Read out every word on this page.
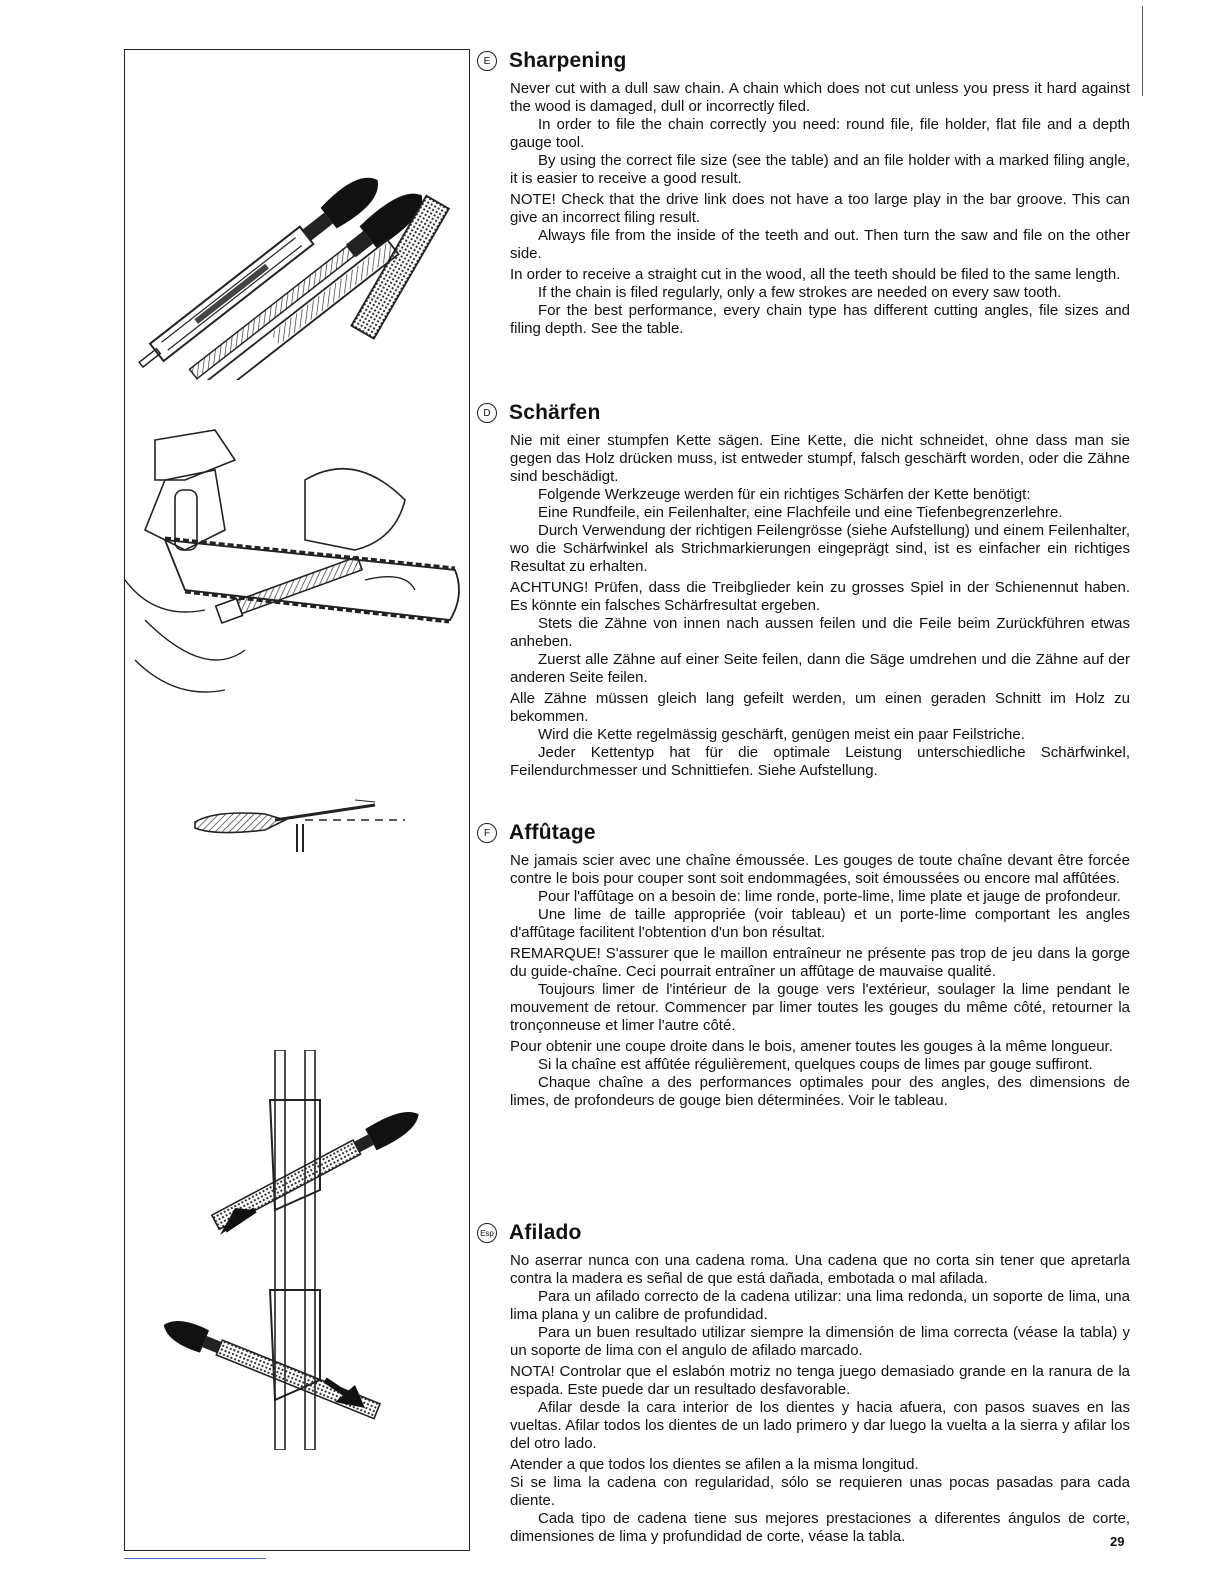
E Sharpening

Never cut with a dull saw chain. A chain which does not cut unless you press it hard against the wood is damaged, dull or incorrectly filed.

In order to file the chain correctly you need: round file, file holder, flat file and a depth gauge tool.

By using the correct file size (see the table) and an file holder with a marked filing angle, it is easier to receive a good result.

NOTE! Check that the drive link does not have a too large play in the bar groove. This can give an incorrect filing result.

Always file from the inside of the teeth and out. Then turn the saw and file on the other side.

In order to receive a straight cut in the wood, all the teeth should be filed to the same length.

If the chain is filed regularly, only a few strokes are needed on every saw tooth.

For the best performance, every chain type has different cutting angles, file sizes and filing depth. See the table.

D Schärfen

Nie mit einer stumpfen Kette sägen. Eine Kette, die nicht schneidet, ohne dass man sie gegen das Holz drücken muss, ist entweder stumpf, falsch geschärft worden, oder die Zähne sind beschädigt.

Folgende Werkzeuge werden für ein richtiges Schärfen der Kette benötigt:

Eine Rundfeile, ein Feilenhalter, eine Flachfeile und eine Tiefenbegrenzerlehre.

Durch Verwendung der richtigen Feilengrösse (siehe Aufstellung) und einem Feilenhalter, wo die Schärfwinkel als Strichmarkierungen eingeprägt sind, ist es einfacher ein richtiges Resultat zu erhalten.

ACHTUNG! Prüfen, dass die Treibglieder kein zu grosses Spiel in der Schienennut haben. Es könnte ein falsches Schärfresultat ergeben.

Stets die Zähne von innen nach aussen feilen und die Feile beim Zurückführen etwas anheben.

Zuerst alle Zähne auf einer Seite feilen, dann die Säge umdrehen und die Zähne auf der anderen Seite feilen.

Alle Zähne müssen gleich lang gefeilt werden, um einen geraden Schnitt im Holz zu bekommen.

Wird die Kette regelmässig geschärft, genügen meist ein paar Feilstriche.

Jeder Kettentyp hat für die optimale Leistung unterschiedliche Schärfwinkel, Feilendurchmesser und Schnittiefen. Siehe Aufstellung.

F Affûtage

Ne jamais scier avec une chaîne émoussée. Les gouges de toute chaîne devant être forcée contre le bois pour couper sont soit endommagées, soit émoussées ou encore mal affûtées.

Pour l'affûtage on a besoin de: lime ronde, porte-lime, lime plate et jauge de profondeur.

Une lime de taille appropriée (voir tableau) et un porte-lime comportant les angles d'affûtage facilitent l'obtention d'un bon résultat.

REMARQUE! S'assurer que le maillon entraîneur ne présente pas trop de jeu dans la gorge du guide-chaîne. Ceci pourrait entraîner un affûtage de mauvaise qualité.

Toujours limer de l'intérieur de la gouge vers l'extérieur, soulager la lime pendant le mouvement de retour. Commencer par limer toutes les gouges du même côté, retourner la tronçonneuse et limer l'autre côté.

Pour obtenir une coupe droite dans le bois, amener toutes les gouges à la même longueur.

Si la chaîne est affûtée régulièrement, quelques coups de limes par gouge suffiront.

Chaque chaîne a des performances optimales pour des angles, des dimensions de limes, de profondeurs de gouge bien déterminées. Voir le tableau.

Esp Afilado

No aserrar nunca con una cadena roma. Una cadena que no corta sin tener que apretarla contra la madera es señal de que está dañada, embotada o mal afilada.

Para un afilado correcto de la cadena utilizar: una lima redonda, un soporte de lima, una lima plana y un calibre de profundidad.

Para un buen resultado utilizar siempre la dimensión de lima correcta (véase la tabla) y un soporte de lima con el angulo de afilado marcado.

NOTA! Controlar que el eslabón motriz no tenga juego demasiado grande en la ranura de la espada. Este puede dar un resultado desfavorable.

Afilar desde la cara interior de los dientes y hacia afuera, con pasos suaves en las vueltas. Afilar todos los dientes de un lado primero y dar luego la vuelta a la sierra y afilar los del otro lado.

Atender a que todos los dientes se afilen a la misma longitud.

Si se lima la cadena con regularidad, sólo se requieren unas pocas pasadas para cada diente.

Cada tipo de cadena tiene sus mejores prestaciones a diferentes ángulos de corte, dimensiones de lima y profundidad de corte, véase la tabla.	29
